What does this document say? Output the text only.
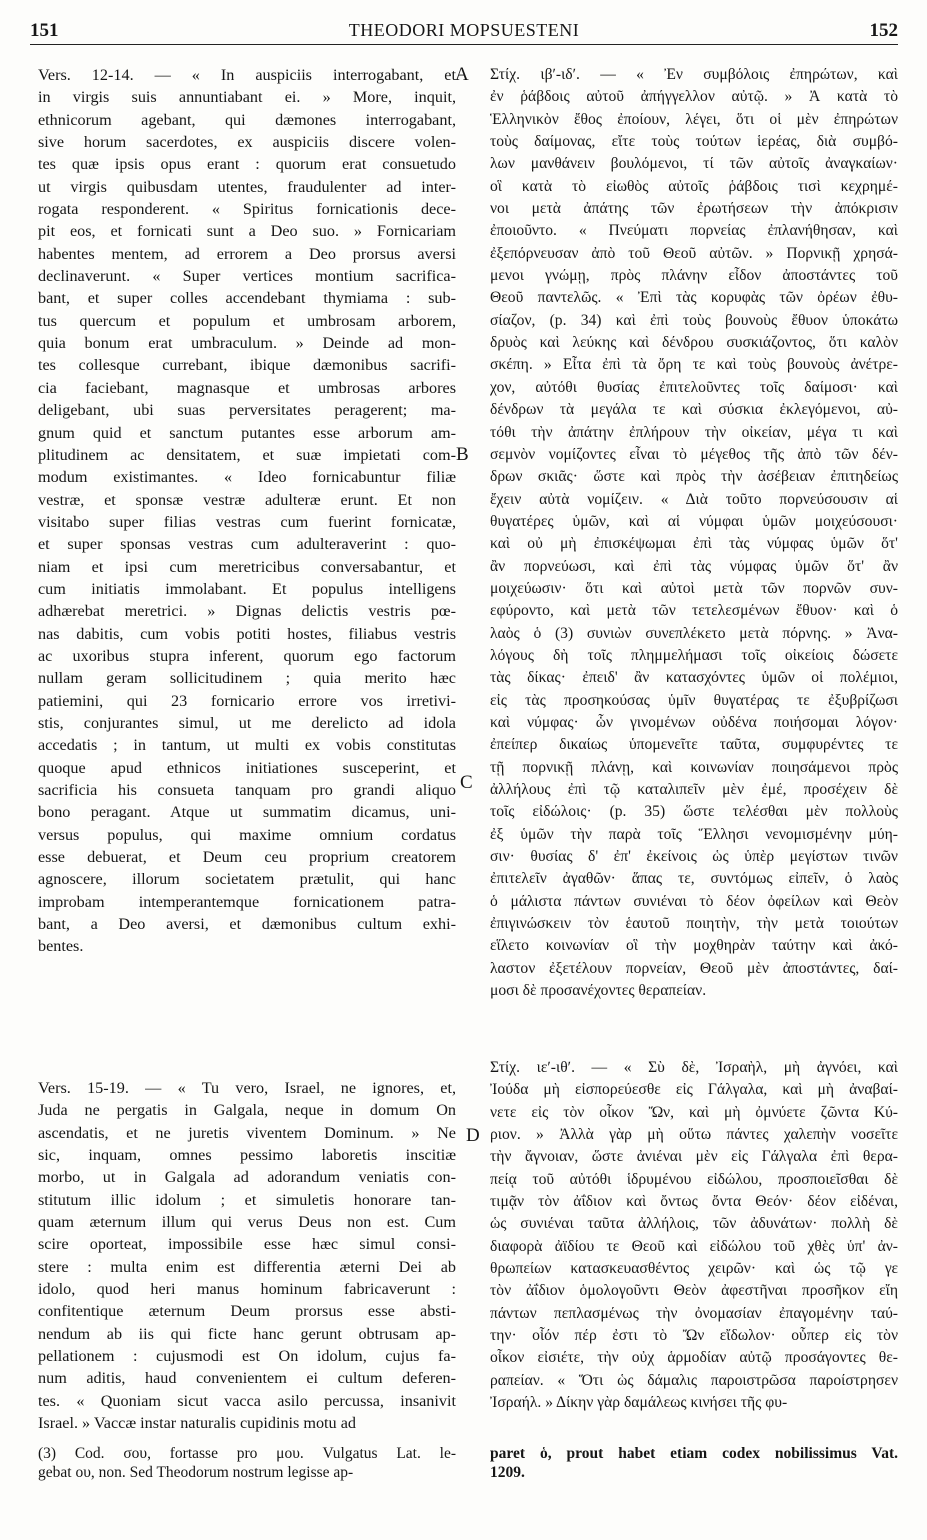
151	THEODORI MOPSUESTENI	152
A
B
C
D
Vers. 12-14. — « In auspiciis interrogabant, et
in virgis suis annuntiabant ei. » More, inquit,
ethnicorum agebant, qui dæmones interrogabant,
sive horum sacerdotes, ex auspiciis discere volen-
tes quæ ipsis opus erant : quorum erat consuetudo
ut virgis quibusdam utentes, fraudulenter ad inter-
rogata responderent. « Spiritus fornicationis dece-
pit eos, et fornicati sunt a Deo suo. » Fornicariam
habentes mentem, ad errorem a Deo prorsus aversi
declinaverunt. « Super vertices montium sacrifica-
bant, et super colles accendebant thymiama : sub-
tus quercum et populum et umbrosam arborem,
quia bonum erat umbraculum. » Deinde ad mon-
tes collesque currebant, ibique dæmonibus sacrifi-
cia faciebant, magnasque et umbrosas arbores
deligebant, ubi suas perversitates peragerent; ma-
gnum quid et sanctum putantes esse arborum am-
plitudinem ac densitatem, et suæ impietati com-
modum existimantes. « Ideo fornicabuntur filiæ
vestræ, et sponsæ vestræ adulteræ erunt. Et non
visitabo super filias vestras cum fuerint fornicatæ,
et super sponsas vestras cum adulteraverint : quo-
niam et ipsi cum meretricibus conversabantur, et
cum initiatis immolabant. Et populus intelligens
adhærebat meretrici. » Dignas delictis vestris pœ-
nas dabitis, cum vobis potiti hostes, filiabus vestris
ac uxoribus stupra inferent, quorum ego factorum
nullam geram sollicitudinem ; quia merito hæc
patiemini, qui 23 fornicario errore vos irretivi-
stis, conjurantes simul, ut me derelicto ad idola
accedatis ; in tantum, ut multi ex vobis constitutas
quoque apud ethnicos initiationes susceperint, et
sacrificia his consueta tanquam pro grandi aliquo
bono peragant. Atque ut summatim dicamus, uni-
versus populus, qui maxime omnium cordatus
esse debuerat, et Deum ceu proprium creatorem
agnoscere, illorum societatem prætulit, qui hanc
improbam intemperantemque fornicationem patra-
bant, a Deo aversi, et dæmonibus cultum exhi-
bentes.
Vers. 15-19. — « Tu vero, Israel, ne ignores, et,
Juda ne pergatis in Galgala, neque in domum On
ascendatis, et ne juretis viventem Dominum. » Ne
sic, inquam, omnes pessimo laboretis inscitiæ
morbo, ut in Galgala ad adorandum veniatis con-
stitutum illic idolum ; et simuletis honorare tan-
quam æternum illum qui verus Deus non est. Cum
scire oporteat, impossibile esse hæc simul consi-
stere : multa enim est differentia æterni Dei ab
idolo, quod heri manus hominum fabricaverunt :
confitentique æternum Deum prorsus esse absti-
nendum ab iis qui ficte hanc gerunt obtrusam ap-
pellationem : cujusmodi est On idolum, cujus fa-
num aditis, haud convenientem ei cultum deferen-
tes. « Quoniam sicut vacca asilo percussa, insanivit
Israel. » Vaccæ instar naturalis cupidinis motu ad
Στίχ. ιβʹ-ιδʹ. — « Ἐν συμβόλοις ἐπηρώτων, καὶ
ἐν ῥάβδοις αὐτοῦ ἀπήγγελλον αὐτῷ. » Ἀ κατὰ τὸ
Ἑλληνικὸν ἔθος ἐποίουν, λέγει, ὅτι οἱ μὲν ἐπηρώτων
τοὺς δαίμονας, εἴτε τοὺς τούτων ἱερέας, διὰ συμβό-
λων μανθάνειν βουλόμενοι, τί τῶν αὐτοῖς ἀναγκαίων·
οἳ κατὰ τὸ εἰωθὸς αὐτοῖς ῥάβδοις τισὶ κεχρημέ-
νοι μετὰ ἀπάτης τῶν ἐρωτήσεων τὴν ἀπόκρισιν
ἐποιοῦντο. « Πνεύματι πορνείας ἐπλανήθησαν, καὶ
ἐξεπόρνευσαν ἀπὸ τοῦ Θεοῦ αὐτῶν. » Πορνικῇ χρησά-
μενοι γνώμῃ, πρὸς πλάνην εἶδον ἀποστάντες τοῦ
Θεοῦ παντελῶς. « Ἐπὶ τὰς κορυφὰς τῶν ὀρέων ἐθυ-
σίαζον, (p. 34) καὶ ἐπὶ τοὺς βουνοὺς ἔθυον ὑποκάτω
δρυὸς καὶ λεύκης καὶ δένδρου συσκιάζοντος, ὅτι καλὸν
σκέπη. » Εἶτα ἐπὶ τὰ ὄρη τε καὶ τοὺς βουνοὺς ἀνέτρε-
χον, αὐτόθι θυσίας ἐπιτελοῦντες τοῖς δαίμοσι· καὶ
δένδρων τὰ μεγάλα τε καὶ σύσκια ἐκλεγόμενοι, αὐ-
τόθι τὴν ἀπάτην ἐπλήρουν τὴν οἰκείαν, μέγα τι καὶ
σεμνὸν νομίζοντες εἶναι τὸ μέγεθος τῆς ἀπὸ τῶν δέν-
δρων σκιᾶς· ὥστε καὶ πρὸς τὴν ἀσέβειαν ἐπιτηδείως
ἔχειν αὐτὰ νομίζειν. « Διὰ τοῦτο πορνεύσουσιν αἱ
θυγατέρες ὑμῶν, καὶ αἱ νύμφαι ὑμῶν μοιχεύσουσι·
καὶ οὐ μὴ ἐπισκέψωμαι ἐπὶ τὰς νύμφας ὑμῶν ὅτ'
ἂν πορνεύωσι, καὶ ἐπὶ τὰς νύμφας ὑμῶν ὅτ' ἂν
μοιχεύωσιν· ὅτι καὶ αὐτοὶ μετὰ τῶν πορνῶν συν-
εφύροντο, καὶ μετὰ τῶν τετελεσμένων ἔθυον· καὶ ὁ
λαὸς ὁ (3) συνιὼν συνεπλέκετο μετὰ πόρνης. » Ἀνα-
λόγους δὴ τοῖς πλημμελήμασι τοῖς οἰκείοις δώσετε
τὰς δίκας· ἐπειδ' ἂν κατασχόντες ὑμῶν οἱ πολέμιοι,
εἰς τὰς προσηκούσας ὑμῖν θυγατέρας τε ἐξυβρίζωσι
καὶ νύμφας· ὧν γινομένων οὐδένα ποιήσομαι λόγον·
ἐπείπερ δικαίως ὑπομενεῖτε ταῦτα, συμφυρέντες τε
τῇ πορνικῇ πλάνῃ, καὶ κοινωνίαν ποιησάμενοι πρὸς
ἀλλήλους ἐπὶ τῷ καταλιπεῖν μὲν ἐμέ, προσέχειν δὲ
τοῖς εἰδώλοις· (p. 35) ὥστε τελέσθαι μὲν πολλοὺς
ἐξ ὑμῶν τὴν παρὰ τοῖς Ἕλλησι νενομισμένην μύη-
σιν· θυσίας δ' ἐπ' ἐκείνοις ὡς ὑπὲρ μεγίστων τινῶν
ἐπιτελεῖν ἀγαθῶν· ἅπας τε, συντόμως εἰπεῖν, ὁ λαὸς
ὁ μάλιστα πάντων συνιέναι τὸ δέον ὀφείλων καὶ Θεὸν
ἐπιγινώσκειν τὸν ἑαυτοῦ ποιητὴν, τὴν μετὰ τοιούτων
εἵλετο κοινωνίαν οἳ τὴν μοχθηρὰν ταύτην καὶ ἀκό-
λαστον ἐξετέλουν πορνείαν, Θεοῦ μὲν ἀποστάντες, δαί-
μοσι δὲ προσανέχοντες θεραπείαν.
Στίχ. ιεʹ-ιθʹ. — « Σὺ δὲ, Ἰσραὴλ, μὴ ἀγνόει, καὶ
Ἰούδα μὴ εἰσπορεύεσθε εἰς Γάλγαλα, καὶ μὴ ἀναβαί-
νετε εἰς τὸν οἶκον Ὤν, καὶ μὴ ὀμνύετε ζῶντα Κύ-
ριον. » Ἀλλὰ γὰρ μὴ οὕτω πάντες χαλεπὴν νοσεῖτε
τὴν ἄγνοιαν, ὥστε ἀνιέναι μὲν εἰς Γάλγαλα ἐπὶ θερα-
πείᾳ τοῦ αὐτόθι ἱδρυμένου εἰδώλου, προσποιεῖσθαι δὲ
τιμᾷν τὸν ἀΐδιον καὶ ὄντως ὄντα Θεόν· δέον εἰδέναι,
ὡς συνιέναι ταῦτα ἀλλήλοις, τῶν ἀδυνάτων· πολλὴ δὲ
διαφορὰ ἀϊδίου τε Θεοῦ καὶ εἰδώλου τοῦ χθὲς ὑπ' ἀν-
θρωπείων κατασκευασθέντος χειρῶν· καὶ ὡς τῷ γε
τὸν ἀΐδιον ὁμολογοῦντι Θεὸν ἀφεστῆναι προσῆκον εἴη
πάντων πεπλασμένως τὴν ὀνομασίαν ἐπαγομένην ταύ-
την· οἷόν πέρ ἐστι τὸ Ὤν εἴδωλον· οὗπερ εἰς τὸν
οἶκον εἰσιέτε, τὴν οὐχ ἁρμοδίαν αὐτῷ προσάγοντες θε-
ραπείαν. « Ὅτι ὡς δάμαλις παροιστρῶσα παροίστρησεν
Ἰσραήλ. » Δίκην γὰρ δαμάλεως κινήσει τῆς φυ-
(3) Cod. σου, fortasse pro μου. Vulgatus Lat. le-
gebat ου, non. Sed Theodorum nostrum legisse ap-
paret ὁ, prout habet etiam codex nobilissimus Vat.
1209.
